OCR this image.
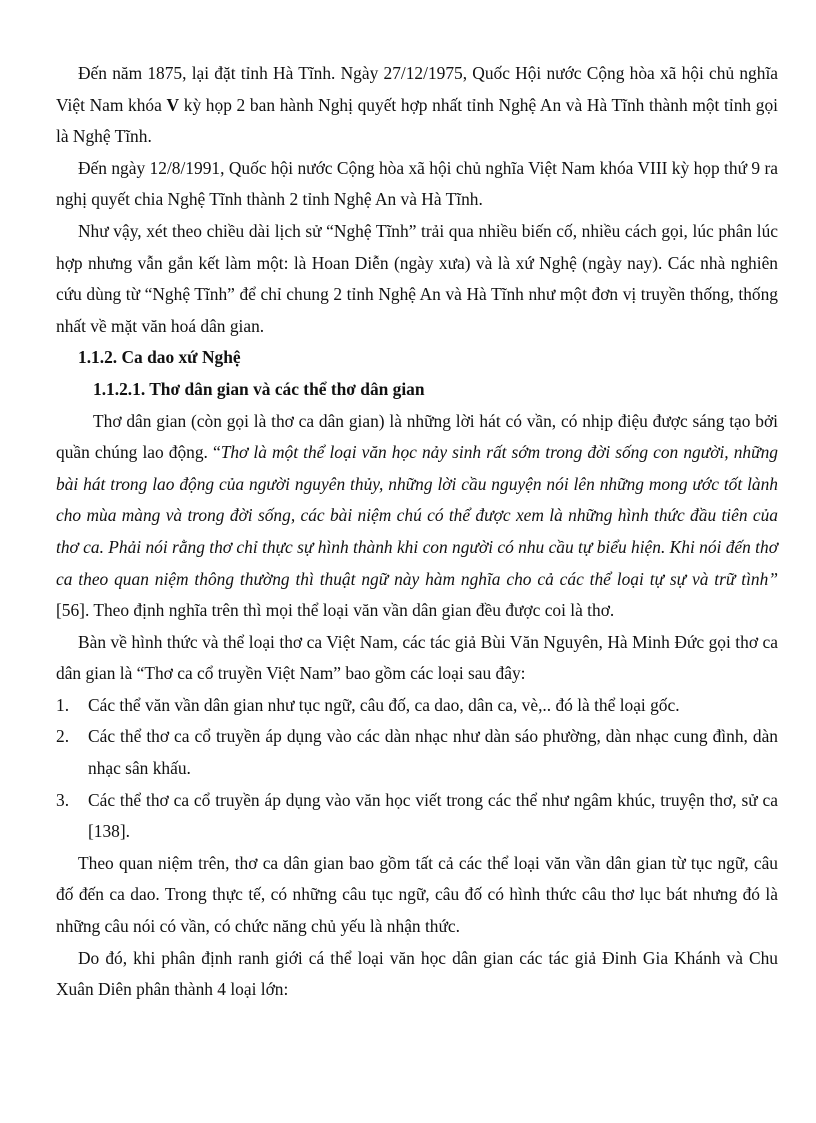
Đến năm 1875, lại đặt tỉnh Hà Tĩnh. Ngày 27/12/1975, Quốc Hội nước Cộng hòa xã hội chủ nghĩa Việt Nam khóa V kỳ họp 2 ban hành Nghị quyết hợp nhất tỉnh Nghệ An và Hà Tĩnh thành một tỉnh gọi là Nghệ Tĩnh.

Đến ngày 12/8/1991, Quốc hội nước Cộng hòa xã hội chủ nghĩa Việt Nam khóa VIII kỳ họp thứ 9 ra nghị quyết chia Nghệ Tĩnh thành 2 tỉnh Nghệ An và Hà Tĩnh.

Như vậy, xét theo chiều dài lịch sử “Nghệ Tĩnh” trải qua nhiều biến cố, nhiều cách gọi, lúc phân lúc hợp nhưng vẫn gắn kết làm một: là Hoan Diễn (ngày xưa) và là xứ Nghệ (ngày nay). Các nhà nghiên cứu dùng từ “Nghệ Tĩnh” để chỉ chung 2 tỉnh Nghệ An và Hà Tĩnh như một đơn vị truyền thống, thống nhất về mặt văn hoá dân gian.

1.1.2. Ca dao xứ Nghệ

1.1.2.1. Thơ dân gian và các thể thơ dân gian

Thơ dân gian (còn gọi là thơ ca dân gian) là những lời hát có vần, có nhịp điệu được sáng tạo bởi quần chúng lao động. “Thơ là một thể loại văn học nảy sinh rất sớm trong đời sống con người, những bài hát trong lao động của người nguyên thủy, những lời cầu nguyện nói lên những mong ước tốt lành cho mùa màng và trong đời sống, các bài niệm chú có thể được xem là những hình thức đầu tiên của thơ ca. Phải nói rằng thơ chỉ thực sự hình thành khi con người có nhu cầu tự biểu hiện. Khi nói đến thơ ca theo quan niệm thông thường thì thuật ngữ này hàm nghĩa cho cả các thể loại tự sự và trữ tình” [56]. Theo định nghĩa trên thì mọi thể loại văn vần dân gian đều được coi là thơ.

Bàn về hình thức và thể loại thơ ca Việt Nam, các tác giả Bùi Văn Nguyên, Hà Minh Đức gọi thơ ca dân gian là “Thơ ca cổ truyền Việt Nam” bao gồm các loại sau đây:

1. Các thể văn vần dân gian như tục ngữ, câu đố, ca dao, dân ca, vè,.. đó là thể loại gốc.
2. Các thể thơ ca cổ truyền áp dụng vào các dàn nhạc như dàn sáo phường, dàn nhạc cung đình, dàn nhạc sân khấu.
3. Các thể thơ ca cổ truyền áp dụng vào văn học viết trong các thể như ngâm khúc, truyện thơ, sử ca [138].

Theo quan niệm trên, thơ ca dân gian bao gồm tất cả các thể loại văn vần dân gian từ tục ngữ, câu đố đến ca dao. Trong thực tế, có những câu tục ngữ, câu đố có hình thức câu thơ lục bát nhưng đó là những câu nói có vần, có chức năng chủ yếu là nhận thức.

Do đó, khi phân định ranh giới cá thể loại văn học dân gian các tác giả Đinh Gia Khánh và Chu Xuân Diên phân thành 4 loại lớn:
